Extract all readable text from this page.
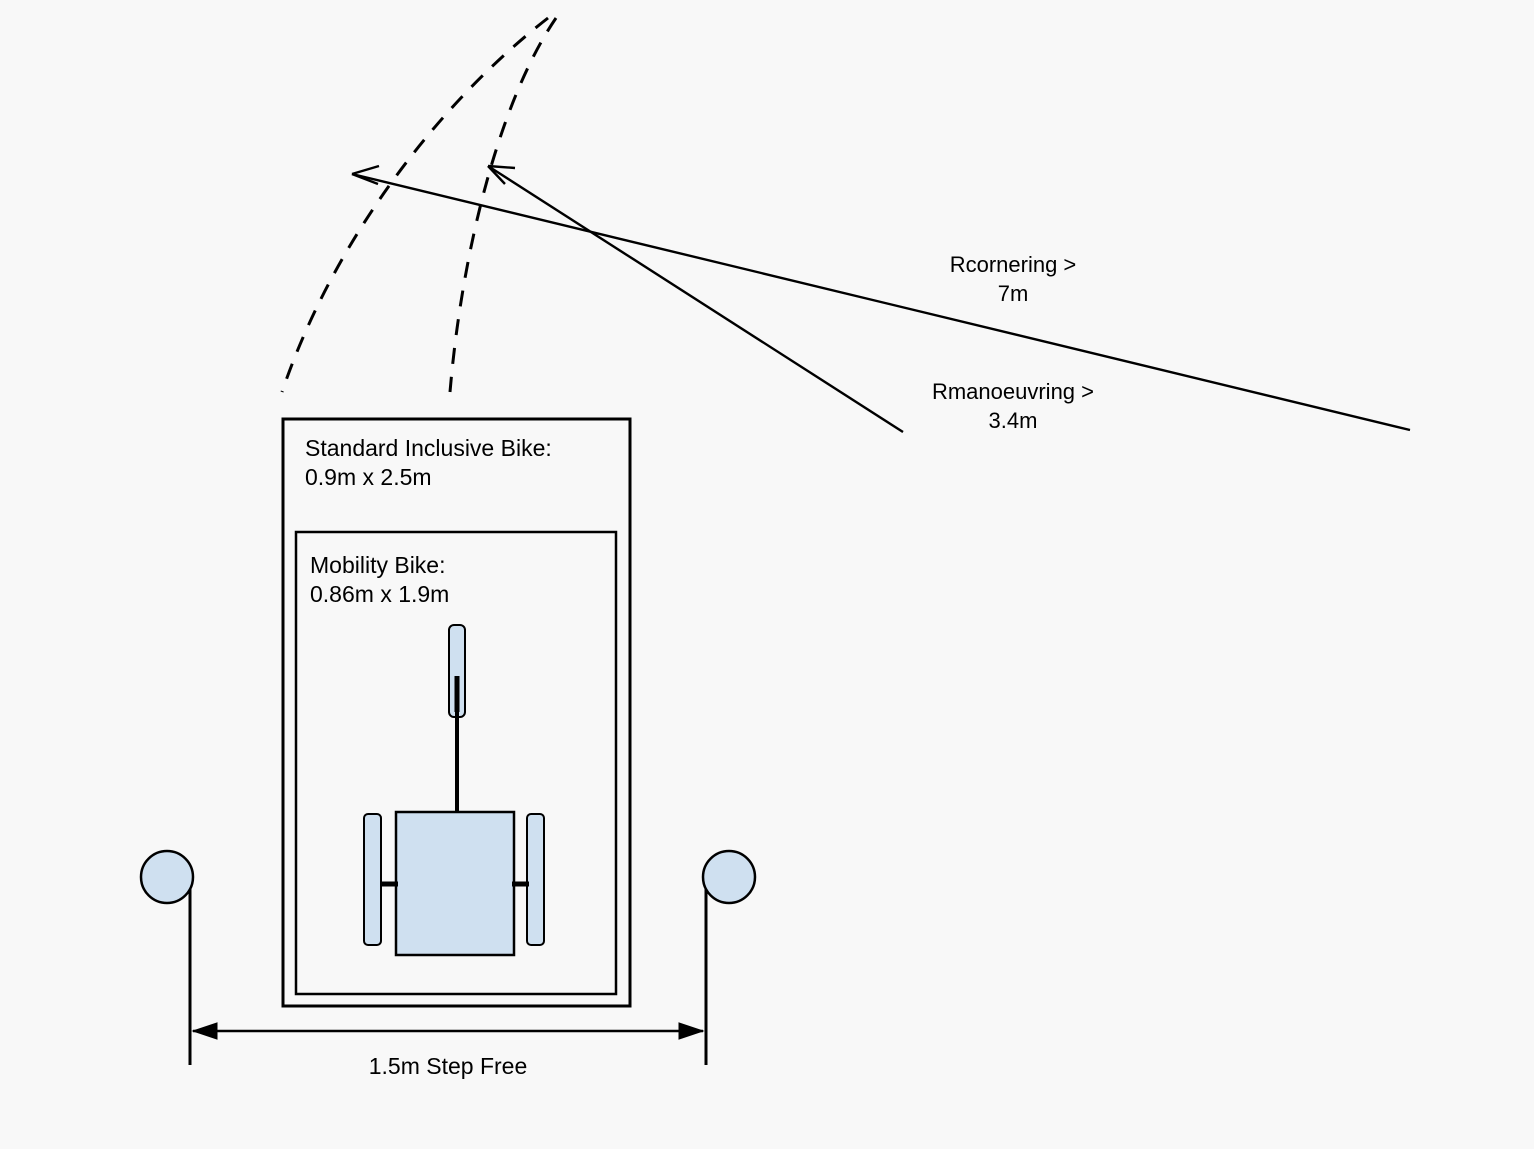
Standard Inclusive Bike:
0.9m x 2.5m
Mobility Bike:
0.86m x 1.9m
Rcornering >
7m
Rmanoeuvring >
3.4m
1.5m Step Free
